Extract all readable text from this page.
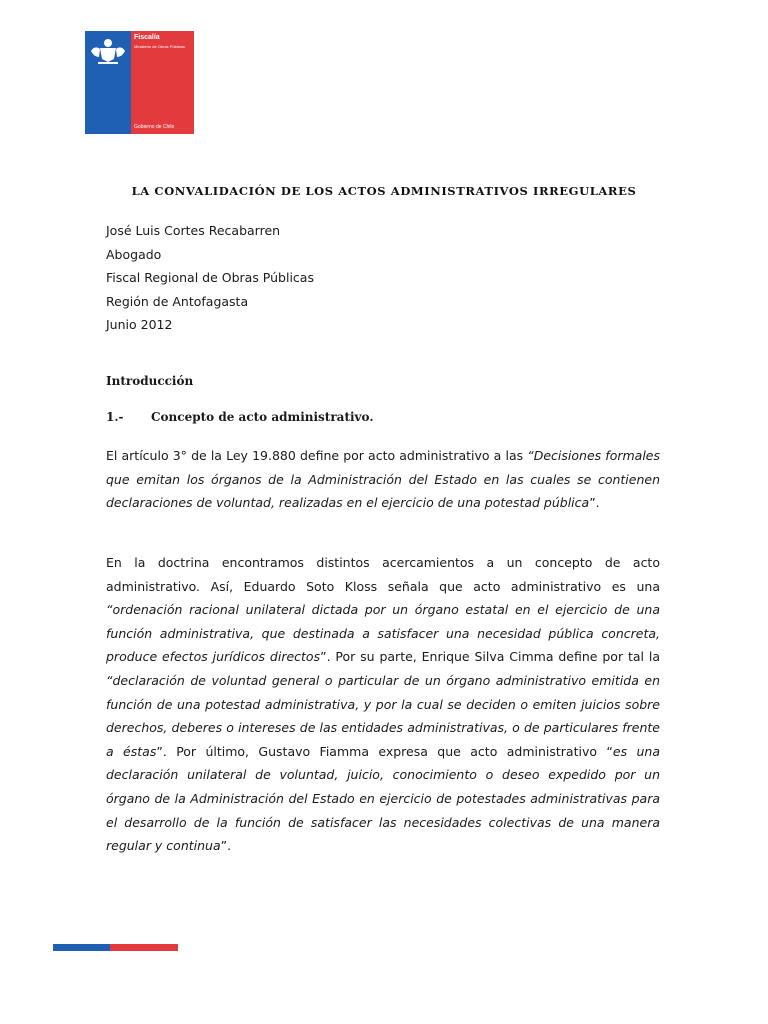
Fiscalía
Ministerio de Obras Públicas
Gobierno de Chile
LA CONVALIDACIÓN DE LOS ACTOS ADMINISTRATIVOS IRREGULARES
José Luis Cortes Recabarren
Abogado
Fiscal Regional de Obras Públicas
Región de Antofagasta
Junio 2012
Introducción
1.- Concepto de acto administrativo.
El artículo 3° de la Ley 19.880 define por acto administrativo a las “Decisiones formales que emitan los órganos de la Administración del Estado en las cuales se contienen declaraciones de voluntad, realizadas en el ejercicio de una potestad pública”.
En la doctrina encontramos distintos acercamientos a un concepto de acto administrativo. Así, Eduardo Soto Kloss señala que acto administrativo es una “ordenación racional unilateral dictada por un órgano estatal en el ejercicio de una función administrativa, que destinada a satisfacer una necesidad pública concreta, produce efectos jurídicos directos”. Por su parte, Enrique Silva Cimma define por tal la “declaración de voluntad general o particular de un órgano administrativo emitida en función de una potestad administrativa, y por la cual se deciden o emiten juicios sobre derechos, deberes o intereses de las entidades administrativas, o de particulares frente a éstas”. Por último, Gustavo Fiamma expresa que acto administrativo “es una declaración unilateral de voluntad, juicio, conocimiento o deseo expedido por un órgano de la Administración del Estado en ejercicio de potestades administrativas para el desarrollo de la función de satisfacer las necesidades colectivas de una manera regular y continua”.
